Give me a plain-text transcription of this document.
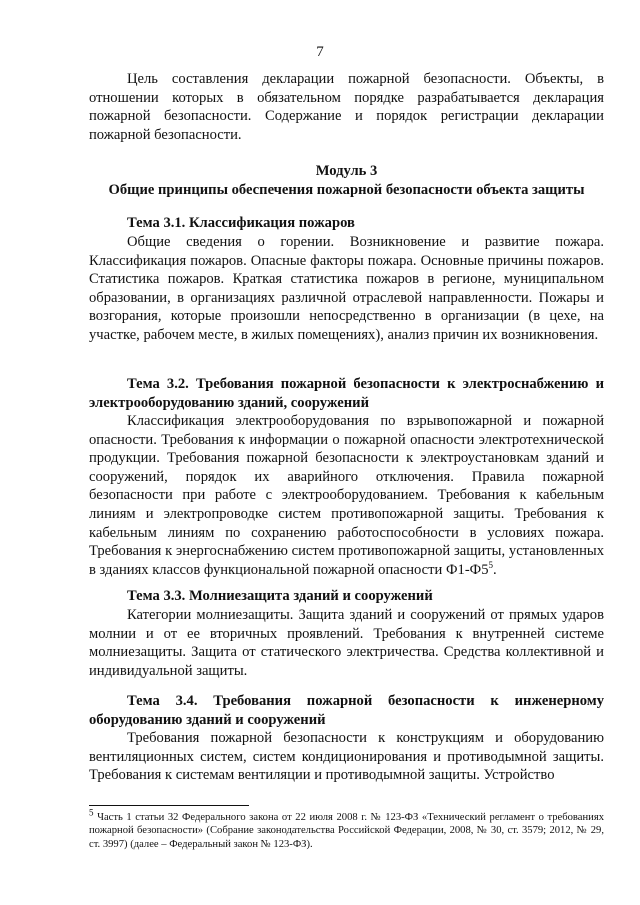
7
Цель составления декларации пожарной безопасности. Объекты, в отношении которых в обязательном порядке разрабатывается декларация пожарной безопасности. Содержание и порядок регистрации декларации пожарной безопасности.
Модуль 3
Общие принципы обеспечения пожарной безопасности объекта защиты
Тема 3.1. Классификация пожаров
Общие сведения о горении. Возникновение и развитие пожара. Классификация пожаров. Опасные факторы пожара. Основные причины пожаров. Статистика пожаров. Краткая статистика пожаров в регионе, муниципальном образовании, в организациях различной отраслевой направленности. Пожары и возгорания, которые произошли непосредственно в организации (в цехе, на участке, рабочем месте, в жилых помещениях), анализ причин их возникновения.
Тема 3.2. Требования пожарной безопасности к электроснабжению и электрооборудованию зданий, сооружений
Классификация электрооборудования по взрывопожарной и пожарной опасности. Требования к информации о пожарной опасности электротехнической продукции. Требования пожарной безопасности к электроустановкам зданий и сооружений, порядок их аварийного отключения. Правила пожарной безопасности при работе с электрооборудованием. Требования к кабельным линиям и электропроводке систем противопожарной защиты. Требования к кабельным линиям по сохранению работоспособности в условиях пожара. Требования к энергоснабжению систем противопожарной защиты, установленных в зданиях классов функциональной пожарной опасности $Ф1-Ф5^5$.
Тема 3.3. Молниезащита зданий и сооружений
Категории молниезащиты. Защита зданий и сооружений от прямых ударов молнии и от ее вторичных проявлений. Требования к внутренней системе молниезащиты. Защита от статического электричества. Средства коллективной и индивидуальной защиты.
Тема 3.4. Требования пожарной безопасности к инженерному оборудованию зданий и сооружений
Требования пожарной безопасности к конструкциям и оборудованию вентиляционных систем, систем кондиционирования и противодымной защиты. Требования к системам вентиляции и противодымной защиты. Устройство
$^5$ Часть 1 статьи 32 Федерального закона от 22 июля 2008 г. № 123-ФЗ «Технический регламент о требованиях пожарной безопасности» (Собрание законодательства Российской Федерации, 2008, № 30, ст. 3579; 2012, № 29, ст. 3997) (далее – Федеральный закон № 123-ФЗ).
